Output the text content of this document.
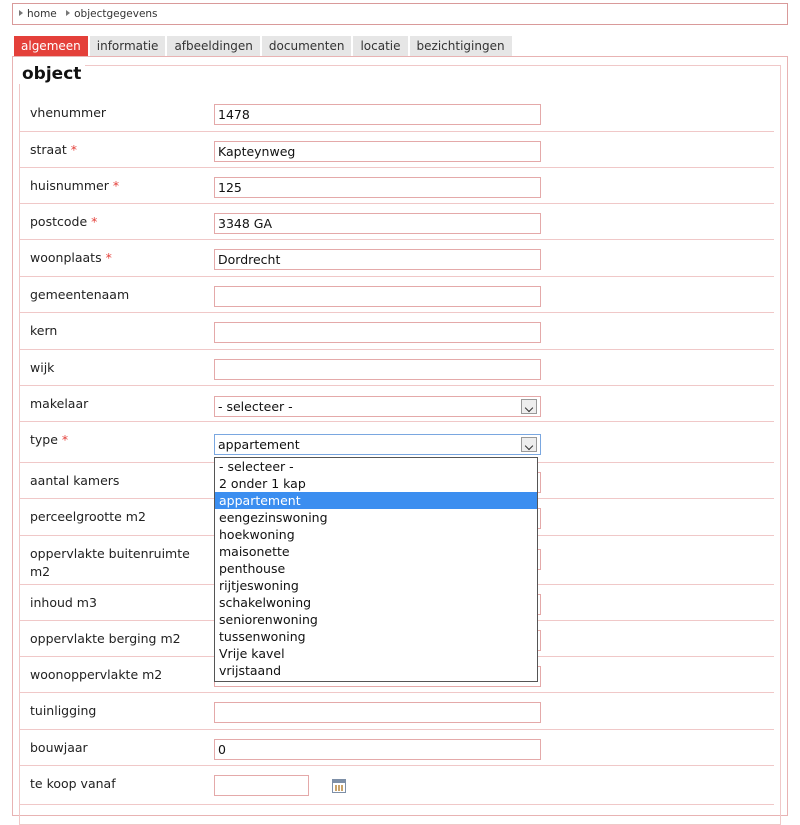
home objectgegevens
algemeen	informatie	afbeeldingen	documenten	locatie	bezichtigingen
object
vhenummer	1478
straat *	Kapteynweg
huisnummer *	125
postcode *	3348 GA
woonplaats *	Dordrecht
gemeentenaam
kern
wijk
makelaar	- selecteer -
type *	appartement
aantal kamers
perceelgrootte m2
oppervlakte buitenruimte m2
inhoud m3
oppervlakte berging m2
woonoppervlakte m2
tuinligging
bouwjaar	0
te koop vanaf
- selecteer -
2 onder 1 kap
appartement
eengezinswoning
hoekwoning
maisonette
penthouse
rijtjeswoning
schakelwoning
seniorenwoning
tussenwoning
Vrije kavel
vrijstaand
